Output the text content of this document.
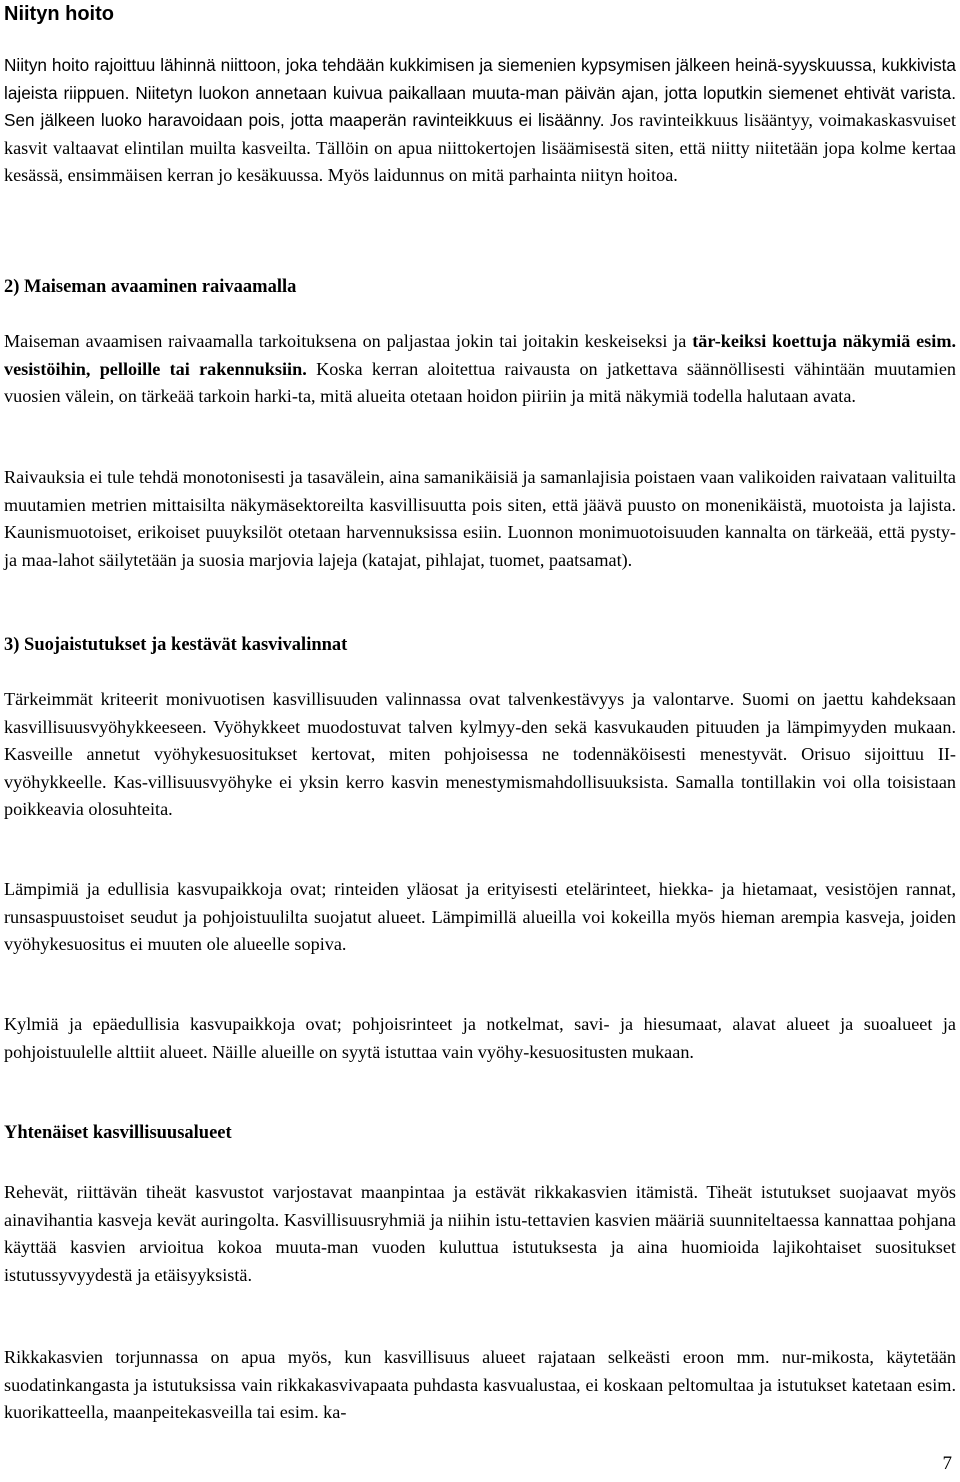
Niityn hoito

Niityn hoito rajoittuu lähinnä niittoon, joka tehdään kukkimisen ja siemenien kypsymisen jälkeen heinä-syyskuussa, kukkivista lajeista riippuen. Niitetyn luokon annetaan kuivua paikallaan muuta-man päivän ajan, jotta loputkin siemenet ehtivät varista. Sen jälkeen luoko haravoidaan pois, jotta maaperän ravinteikkuus ei lisäänny. Jos ravinteikkuus lisääntyy, voimakaskasvuiset kasvit valtaavat elintilan muilta kasveilta. Tällöin on apua niittokertojen lisäämisestä siten, että niitty niitetään jopa kolme kertaa kesässä, ensimmäisen kerran jo kesäkuussa. Myös laidunnus on mitä parhainta niityn hoitoa.

2) Maiseman avaaminen raivaamalla

Maiseman avaamisen raivaamalla tarkoituksena on paljastaa jokin tai joitakin keskeiseksi ja tär-keiksi koettuja näkymiä esim. vesistöihin, pelloille tai rakennuksiin. Koska kerran aloitettua raivausta on jatkettava säännöllisesti vähintään muutamien vuosien välein, on tärkeää tarkoin harki-ta, mitä alueita otetaan hoidon piiriin ja mitä näkymiä todella halutaan avata.

Raivauksia ei tule tehdä monotonisesti ja tasavälein, aina samanikäisiä ja samanlajisia poistaen vaan valikoiden raivataan valituilta muutamien metrien mittaisilta näkymäsektoreilta kasvillisuutta pois siten, että jäävä puusto on monenikäistä, muotoista ja lajista. Kaunismuotoiset, erikoiset puuyksilöt otetaan harvennuksissa esiin. Luonnon monimuotoisuuden kannalta on tärkeää, että pysty- ja maa-lahot säilytetään ja suosia marjovia lajeja (katajat, pihlajat, tuomet, paatsamat).

3) Suojaistutukset ja kestävät kasvivalinnat

Tärkeimmät kriteerit monivuotisen kasvillisuuden valinnassa ovat talvenkestävyys ja valontarve. Suomi on jaettu kahdeksaan kasvillisuusvyöhykkeeseen. Vyöhykkeet muodostuvat talven kylmyy-den sekä kasvukauden pituuden ja lämpimyyden mukaan. Kasveille annetut vyöhykesuositukset kertovat, miten pohjoisessa ne todennäköisesti menestyvät. Orisuo sijoittuu II-vyöhykkeelle. Kas-villisuusvyöhyke ei yksin kerro kasvin menestymismahdollisuuksista. Samalla tontillakin voi olla toisistaan poikkeavia olosuhteita.

Lämpimiä ja edullisia kasvupaikkoja ovat; rinteiden yläosat ja erityisesti etelärinteet, hiekka- ja hietamaat, vesistöjen rannat, runsaspuustoiset seudut ja pohjoistuulilta suojatut alueet. Lämpimillä alueilla voi kokeilla myös hieman arempia kasveja, joiden vyöhykesuositus ei muuten ole alueelle sopiva.

Kylmiä ja epäedullisia kasvupaikkoja ovat; pohjoisrinteet ja notkelmat, savi- ja hiesumaat, alavat alueet ja suoalueet ja pohjoistuulelle alttiit alueet. Näille alueille on syytä istuttaa vain vyöhy-kesuositusten mukaan.

Yhtenäiset kasvillisuusalueet

Rehevät, riittävän tiheät kasvustot varjostavat maanpintaa ja estävät rikkakasvien itämistä. Tiheät istutukset suojaavat myös ainavihantia kasveja kevät auringolta. Kasvillisuusryhmiä ja niihin istu-tettavien kasvien määriä suunniteltaessa kannattaa pohjana käyttää kasvien arvioitua kokoa muuta-man vuoden kuluttua istutuksesta ja aina huomioida lajikohtaiset suositukset istutussyvyydestä ja etäisyyksistä.

Rikkakasvien torjunnassa on apua myös, kun kasvillisuus alueet rajataan selkeästi eroon mm. nur-mikosta, käytetään suodatinkangasta ja istutuksissa vain rikkakasvivapaata puhdasta kasvualustaa, ei koskaan peltomultaa ja istutukset katetaan esim. kuorikatteella, maanpeitekasveilla tai esim. ka-

7
